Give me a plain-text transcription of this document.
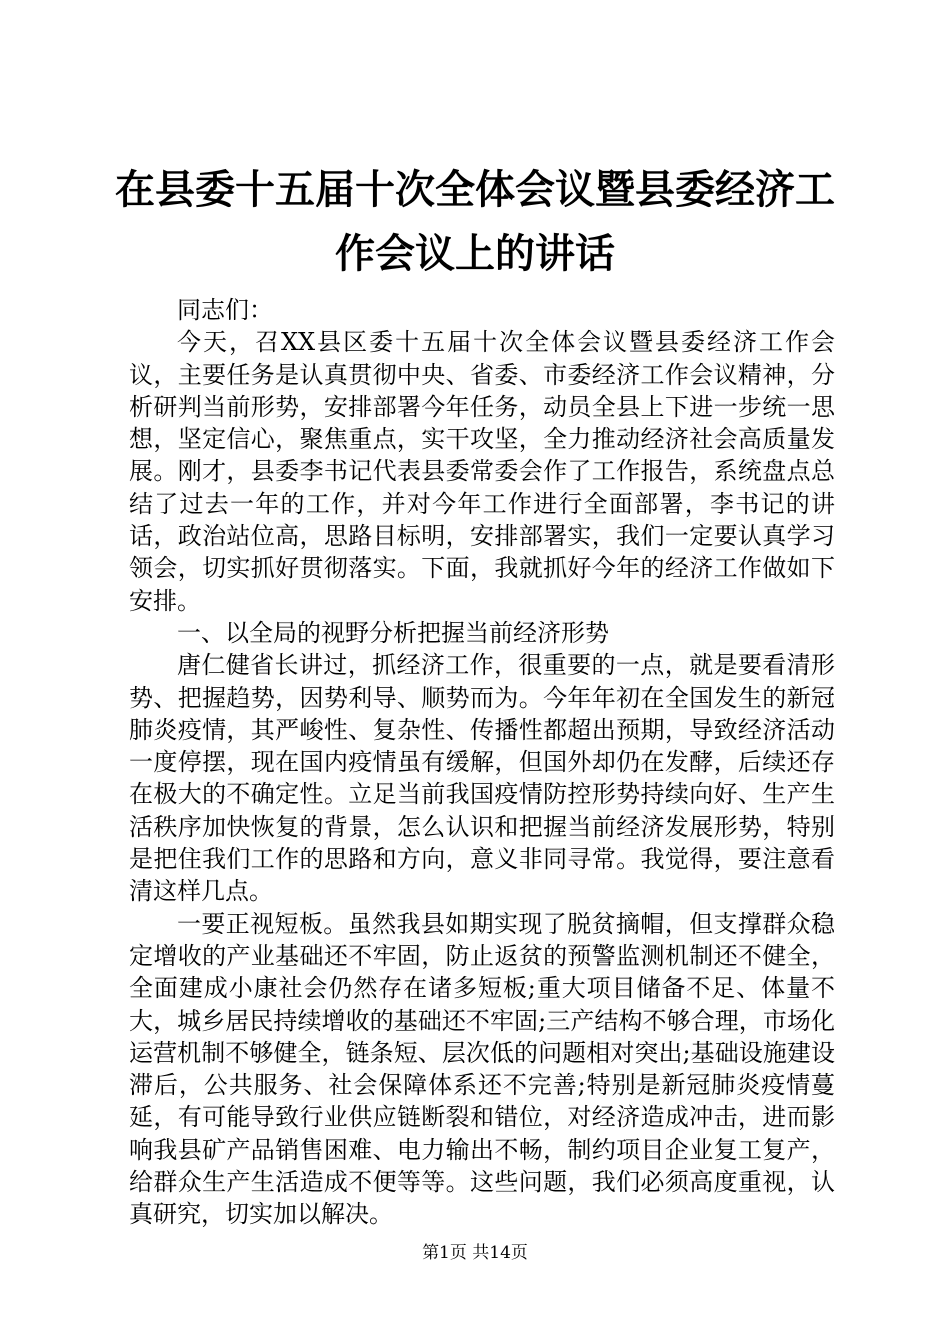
在县委十五届十次全体会议暨县委经济工作会议上的讲话

同志们：

今天，召XX县区委十五届十次全体会议暨县委经济工作会议，主要任务是认真贯彻中央、省委、市委经济工作会议精神，分析研判当前形势，安排部署今年任务，动员全县上下进一步统一思想，坚定信心，聚焦重点，实干攻坚，全力推动经济社会高质量发展。刚才，县委李书记代表县委常委会作了工作报告，系统盘点总结了过去一年的工作，并对今年工作进行全面部署，李书记的讲话，政治站位高，思路目标明，安排部署实，我们一定要认真学习领会，切实抓好贯彻落实。下面，我就抓好今年的经济工作做如下安排。

一、以全局的视野分析把握当前经济形势

唐仁健省长讲过，抓经济工作，很重要的一点，就是要看清形势、把握趋势，因势利导、顺势而为。今年年初在全国发生的新冠肺炎疫情，其严峻性、复杂性、传播性都超出预期，导致经济活动一度停摆，现在国内疫情虽有缓解，但国外却仍在发酵，后续还存在极大的不确定性。立足当前我国疫情防控形势持续向好、生产生活秩序加快恢复的背景，怎么认识和把握当前经济发展形势，特别是把住我们工作的思路和方向，意义非同寻常。我觉得，要注意看清这样几点。

一要正视短板。虽然我县如期实现了脱贫摘帽，但支撑群众稳定增收的产业基础还不牢固，防止返贫的预警监测机制还不健全，全面建成小康社会仍然存在诸多短板;重大项目储备不足、体量不大，城乡居民持续增收的基础还不牢固;三产结构不够合理，市场化运营机制不够健全，链条短、层次低的问题相对突出;基础设施建设滞后，公共服务、社会保障体系还不完善;特别是新冠肺炎疫情蔓延，有可能导致行业供应链断裂和错位，对经济造成冲击，进而影响我县矿产品销售困难、电力输出不畅，制约项目企业复工复产，给群众生产生活造成不便等等。这些问题，我们必须高度重视，认真研究，切实加以解决。

第1页 共14页
